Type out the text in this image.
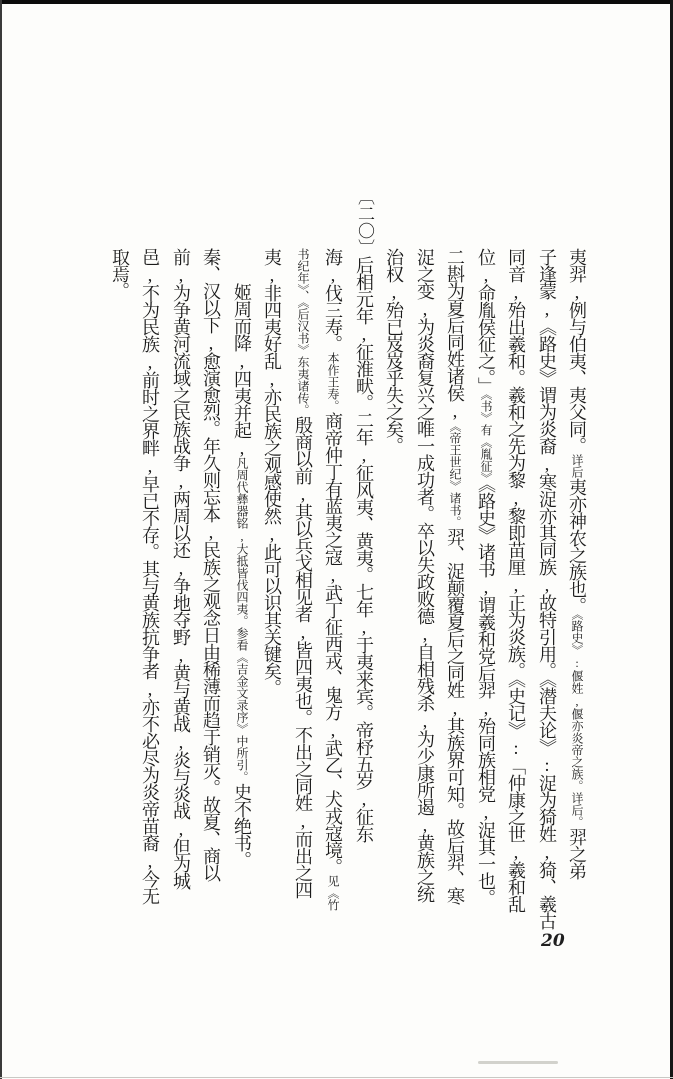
夷羿,例与伯夷、夷父同。详后夷亦神农之族也。《路史》:偃姓,偃亦炎帝之族。详后。羿之弟
子逢蒙,《路史》谓为炎裔,寒浞亦其同族,故特引用。《潜夫论》:浞为猗姓,猗、羲古
同音,殆出羲和。羲和之先为黎,黎即苗厘,正为炎族。《史记》:「仲康之世,羲和乱
位,命胤侯征之。」《书》有《胤征》《路史》诸书,谓羲和党后羿,殆同族相党,浞其一也。
二斟为夏后同姓诸侯,《帝王世纪》诸书。羿、浞颠覆夏后之同姓,其族界可知。故后羿、寒
浞之变,为炎裔复兴之唯一成功者。卒以失政败德,自相残杀,为少康所遏,黄族之统
治权,殆已岌岌乎失之矣。
〔二〇〕后相元年,征淮畎。二年,征风夷、黄夷。七年,于夷来宾。帝杼五岁,征东
海,伐三寿。本作王寿。商帝仲丁有蓝夷之寇,武丁征西戎、鬼方,武乙、犬戎寇境。见《竹
书纪年》、《后汉书》东夷诸传。殷商以前,其以兵戈相见者,皆四夷也。不出之同姓,而出之四
夷,非四夷好乱,亦民族之观感使然,此可以识其关键矣。
姬周而降,四夷并起,凡周代彝器铭,大抵皆伐四夷。参看《吉金文录序》中所引。史不绝书。
秦、汉以下,愈演愈烈。年久则忘本,民族之观念日由稀薄而趋于销灭。故夏、商以
前,为争黄河流域之民族战争,两周以还,争地夺野,黄与黄战,炎与炎战,但为城
邑,不为民族,前时之界畔,早已不存。其与黄族抗争者,亦不必尽为炎帝苗裔,今无
取焉。
20
